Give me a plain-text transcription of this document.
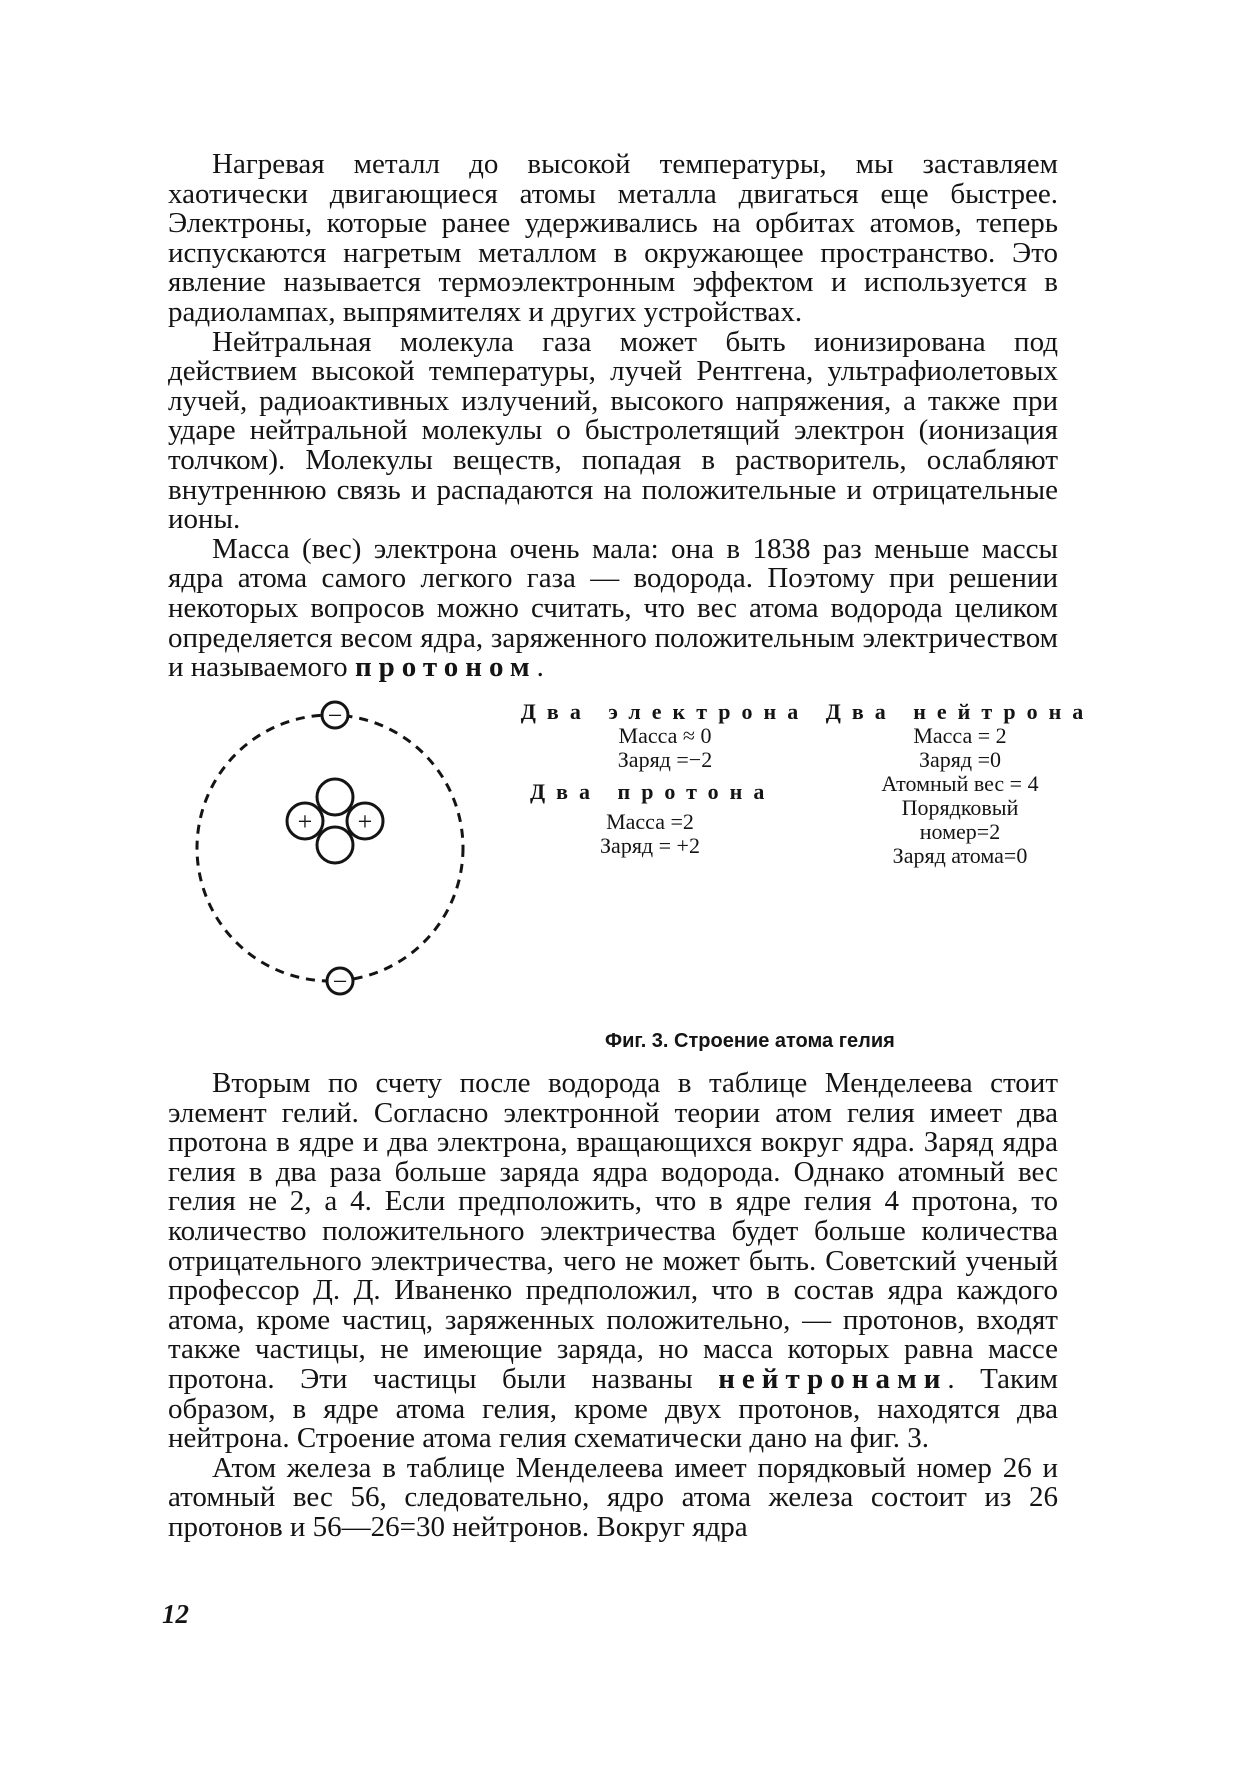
Нагревая металл до высокой температуры, мы заставляем хаотически двигающиеся атомы металла двигаться еще быстрее. Электроны, которые ранее удерживались на орбитах атомов, теперь испускаются нагретым металлом в окружающее пространство. Это явление называется термоэлектронным эффектом и используется в радиолампах, выпрямителях и других устройствах.

Нейтральная молекула газа может быть ионизирована под действием высокой температуры, лучей Рентгена, ультрафиолетовых лучей, радиоактивных излучений, высокого напряжения, а также при ударе нейтральной молекулы о быстролетящий электрон (ионизация толчком). Молекулы веществ, попадая в растворитель, ослабляют внутреннюю связь и распадаются на положительные и отрицательные ионы.

Масса (вес) электрона очень мала: она в 1838 раз меньше массы ядра атома самого легкого газа — водорода. Поэтому при решении некоторых вопросов можно считать, что вес атома водорода целиком определяется весом ядра, заряженного положительным электричеством и называемого протоном.

+ +
−
−
Два электрона
Масса ≈ 0
Заряд =−2
Два протона
Масса =2
Заряд = +2
Два нейтрона
Масса = 2
Заряд =0
Атомный вес = 4
Порядковый
номер=2
Заряд атома=0
Фиг. 3. Строение атома гелия

Вторым по счету после водорода в таблице Менделеева стоит элемент гелий. Согласно электронной теории атом гелия имеет два протона в ядре и два электрона, вращающихся вокруг ядра. Заряд ядра гелия в два раза больше заряда ядра водорода. Однако атомный вес гелия не 2, а 4. Если предположить, что в ядре гелия 4 протона, то количество положительного электричества будет больше количества отрицательного электричества, чего не может быть. Советский ученый профессор Д. Д. Иваненко предположил, что в состав ядра каждого атома, кроме частиц, заряженных положительно, — протонов, входят также частицы, не имеющие заряда, но масса которых равна массе протона. Эти частицы были названы нейтронами. Таким образом, в ядре атома гелия, кроме двух протонов, находятся два нейтрона. Строение атома гелия схематически дано на фиг. 3.

Атом железа в таблице Менделеева имеет порядковый номер 26 и атомный вес 56, следовательно, ядро атома железа состоит из 26 протонов и 56—26=30 нейтронов. Вокруг ядра

12
